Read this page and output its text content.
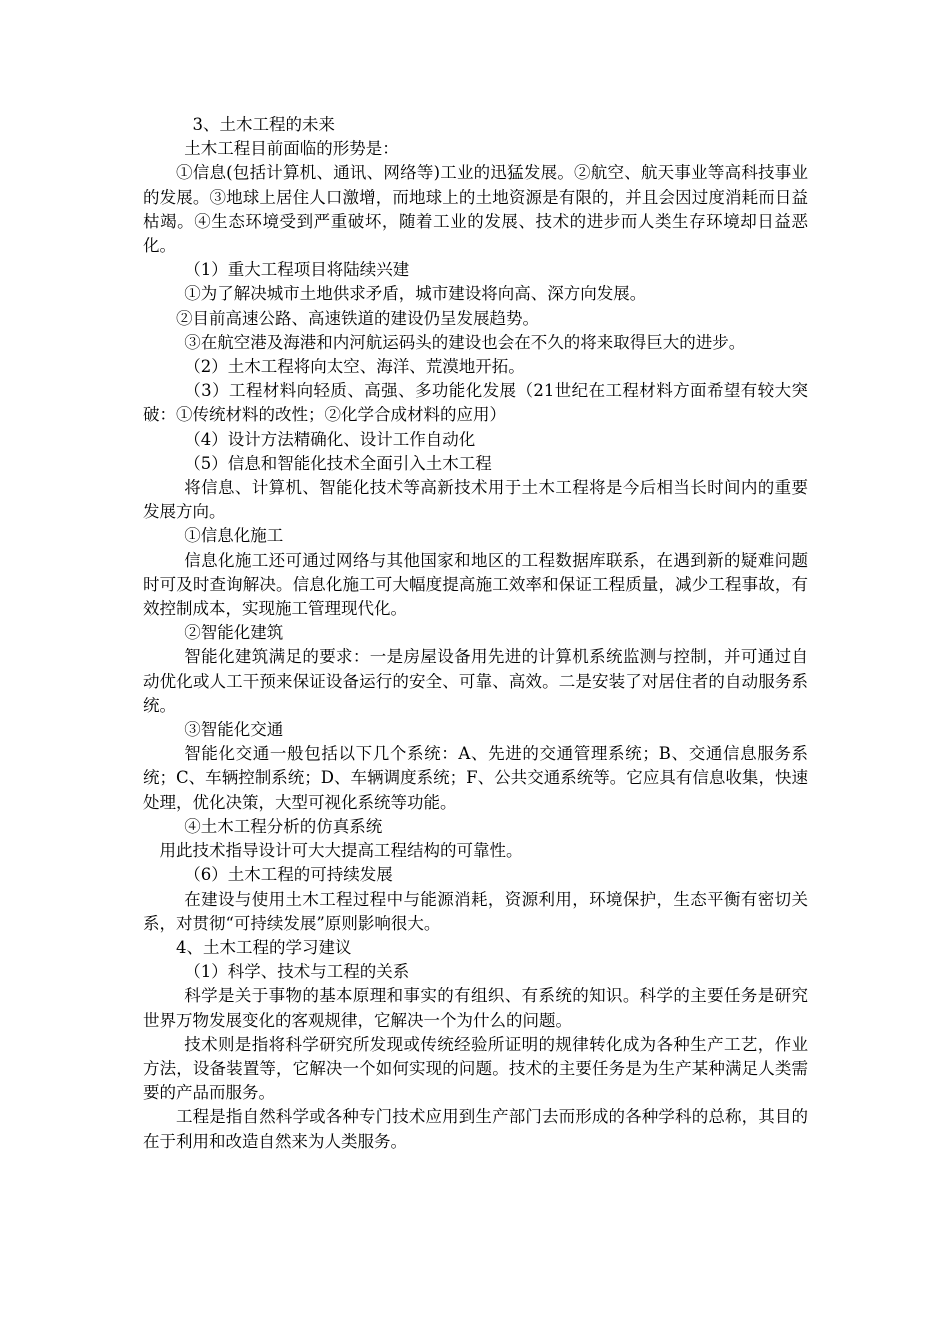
3、土木工程的未来

土木工程目前面临的形势是：

①信息(包括计算机、通讯、网络等)工业的迅猛发展。②航空、航天事业等高科技事业的发展。③地球上居住人口激增，而地球上的土地资源是有限的，并且会因过度消耗而日益枯竭。④生态环境受到严重破坏，随着工业的发展、技术的进步而人类生存环境却日益恶化。

（1）重大工程项目将陆续兴建

①为了解决城市土地供求矛盾，城市建设将向高、深方向发展。

②目前高速公路、高速铁道的建设仍呈发展趋势。

③在航空港及海港和内河航运码头的建设也会在不久的将来取得巨大的进步。

（2）土木工程将向太空、海洋、荒漠地开拓。

（3）工程材料向轻质、高强、多功能化发展（21世纪在工程材料方面希望有较大突破：①传统材料的改性；②化学合成材料的应用）

（4）设计方法精确化、设计工作自动化

（5）信息和智能化技术全面引入土木工程

将信息、计算机、智能化技术等高新技术用于土木工程将是今后相当长时间内的重要发展方向。

①信息化施工

信息化施工还可通过网络与其他国家和地区的工程数据库联系，在遇到新的疑难问题时可及时查询解决。信息化施工可大幅度提高施工效率和保证工程质量，减少工程事故，有效控制成本，实现施工管理现代化。

②智能化建筑

智能化建筑满足的要求：一是房屋设备用先进的计算机系统监测与控制，并可通过自动优化或人工干预来保证设备运行的安全、可靠、高效。二是安装了对居住者的自动服务系统。

③智能化交通

智能化交通一般包括以下几个系统：A、先进的交通管理系统；B、交通信息服务系统；C、车辆控制系统；D、车辆调度系统；F、公共交通系统等。它应具有信息收集，快速处理，优化决策，大型可视化系统等功能。

④土木工程分析的仿真系统

用此技术指导设计可大大提高工程结构的可靠性。

（6）土木工程的可持续发展

在建设与使用土木工程过程中与能源消耗，资源利用，环境保护，生态平衡有密切关系，对贯彻“可持续发展”原则影响很大。

4、土木工程的学习建议

（1）科学、技术与工程的关系

科学是关于事物的基本原理和事实的有组织、有系统的知识。科学的主要任务是研究世界万物发展变化的客观规律，它解决一个为什么的问题。

技术则是指将科学研究所发现或传统经验所证明的规律转化成为各种生产工艺，作业方法，设备装置等，它解决一个如何实现的问题。技术的主要任务是为生产某种满足人类需要的产品而服务。

工程是指自然科学或各种专门技术应用到生产部门去而形成的各种学科的总称，其目的在于利用和改造自然来为人类服务。
